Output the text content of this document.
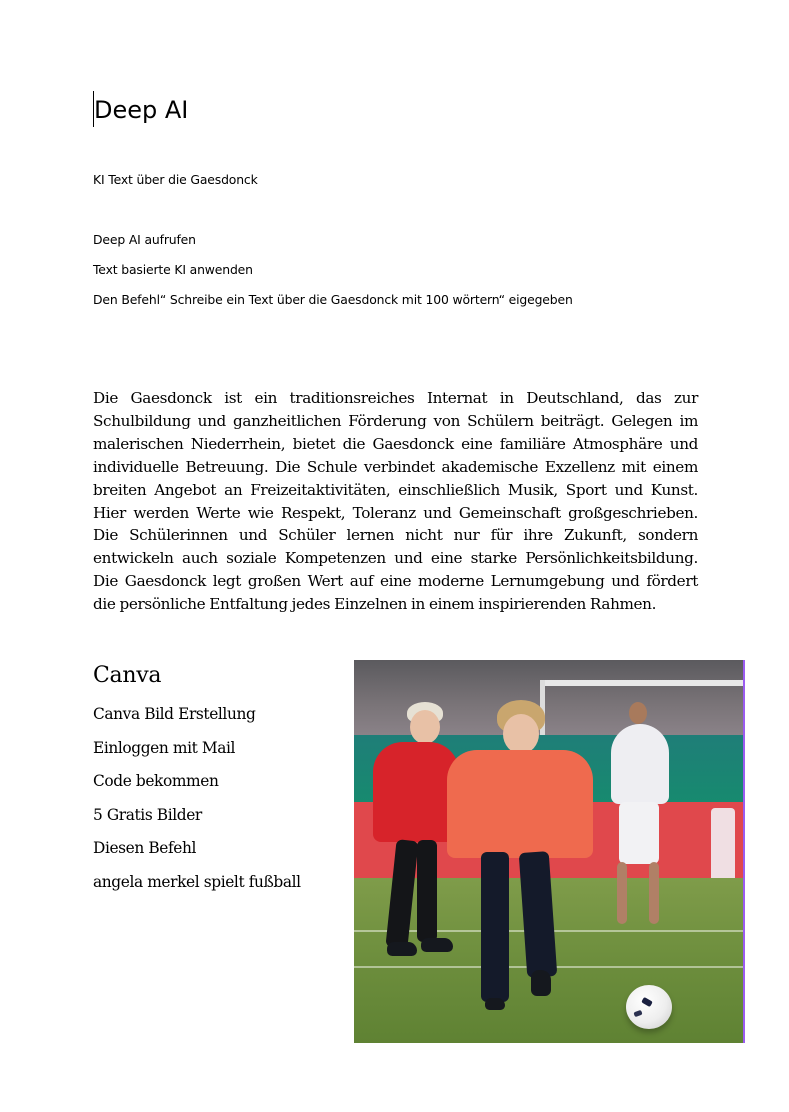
Deep AI

KI Text über die Gaesdonck

Deep AI aufrufen

Text basierte KI anwenden

Den Befehl“ Schreibe ein Text über die Gaesdonck mit 100 wörtern“ eigegeben

Die Gaesdonck ist ein traditionsreiches Internat in Deutschland, das zur
Schulbildung und ganzheitlichen Förderung von Schülern beiträgt. Gelegen im
malerischen Niederrhein, bietet die Gaesdonck eine familiäre Atmosphäre und
individuelle Betreuung. Die Schule verbindet akademische Exzellenz mit einem
breiten Angebot an Freizeitaktivitäten, einschließlich Musik, Sport und Kunst.
Hier werden Werte wie Respekt, Toleranz und Gemeinschaft großgeschrieben.
Die Schülerinnen und Schüler lernen nicht nur für ihre Zukunft, sondern
entwickeln auch soziale Kompetenzen und eine starke Persönlichkeitsbildung.
Die Gaesdonck legt großen Wert auf eine moderne Lernumgebung und fördert
die persönliche Entfaltung jedes Einzelnen in einem inspirierenden Rahmen.
Canva

Canva Bild Erstellung

Einloggen mit Mail

Code bekommen

5 Gratis Bilder

Diesen Befehl

angela merkel spielt fußball
